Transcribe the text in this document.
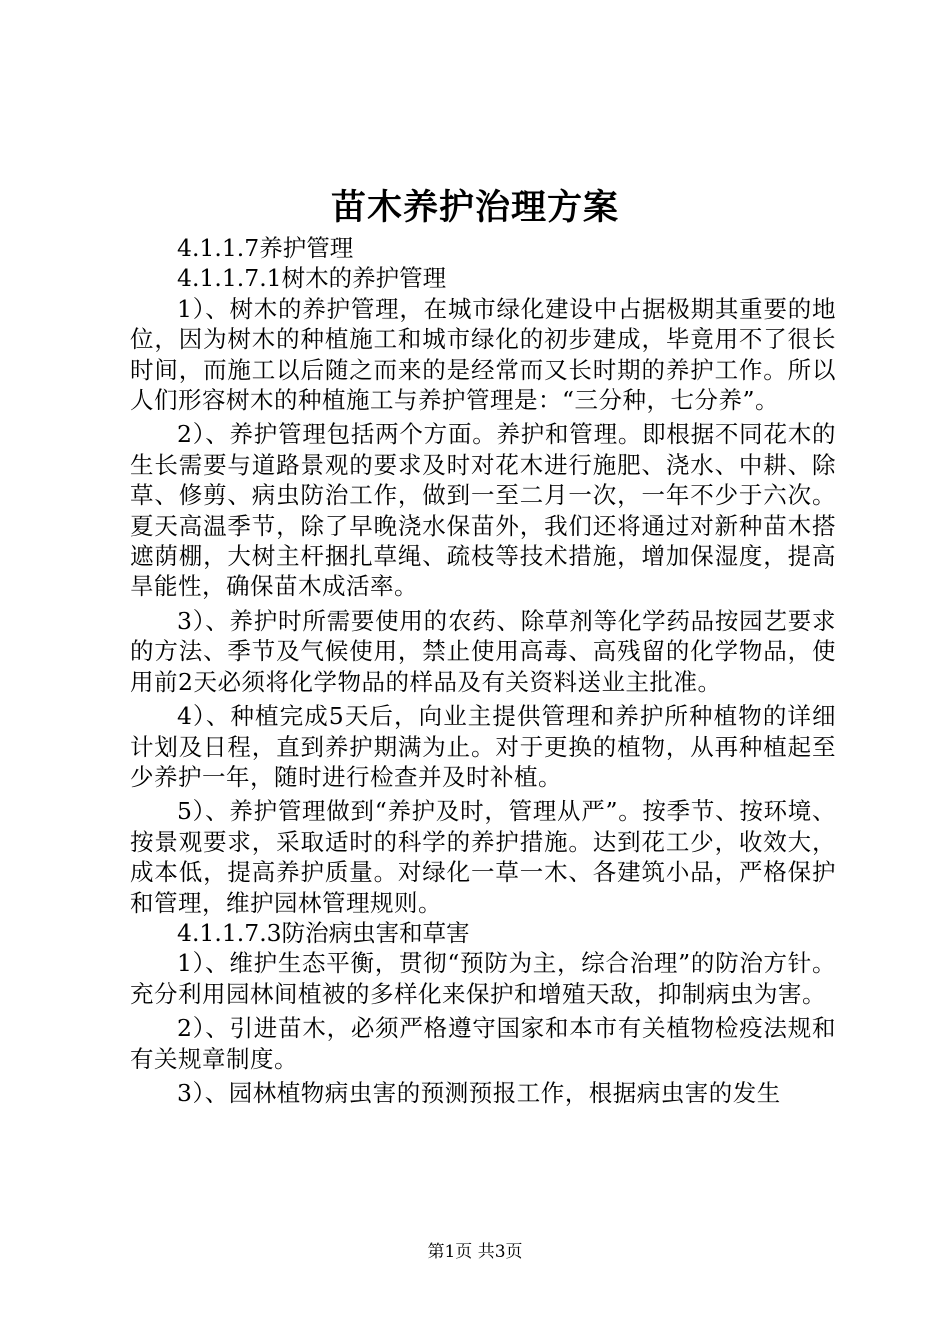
苗木养护治理方案

4.1.1.7养护管理

4.1.1.7.1树木的养护管理

1）、树木的养护管理，在城市绿化建设中占据极期其重要的地位，因为树木的种植施工和城市绿化的初步建成，毕竟用不了很长时间，而施工以后随之而来的是经常而又长时期的养护工作。所以人们形容树木的种植施工与养护管理是：“三分种，七分养”。

2）、养护管理包括两个方面。养护和管理。即根据不同花木的生长需要与道路景观的要求及时对花木进行施肥、浇水、中耕、除草、修剪、病虫防治工作，做到一至二月一次，一年不少于六次。夏天高温季节，除了早晚浇水保苗外，我们还将通过对新种苗木搭遮荫棚，大树主杆捆扎草绳、疏枝等技术措施，增加保湿度，提高旱能性，确保苗木成活率。

3）、养护时所需要使用的农药、除草剂等化学药品按园艺要求的方法、季节及气候使用，禁止使用高毒、高残留的化学物品，使用前2天必须将化学物品的样品及有关资料送业主批准。

4）、种植完成5天后，向业主提供管理和养护所种植物的详细计划及日程，直到养护期满为止。对于更换的植物，从再种植起至少养护一年，随时进行检查并及时补植。

5）、养护管理做到“养护及时，管理从严”。按季节、按环境、按景观要求，采取适时的科学的养护措施。达到花工少，收效大，成本低，提高养护质量。对绿化一草一木、各建筑小品，严格保护和管理，维护园林管理规则。

4.1.1.7.3防治病虫害和草害

1）、维护生态平衡，贯彻“预防为主，综合治理”的防治方针。充分利用园林间植被的多样化来保护和增殖天敌，抑制病虫为害。

2）、引进苗木，必须严格遵守国家和本市有关植物检疫法规和有关规章制度。

3）、园林植物病虫害的预测预报工作，根据病虫害的发生

第1页 共3页
